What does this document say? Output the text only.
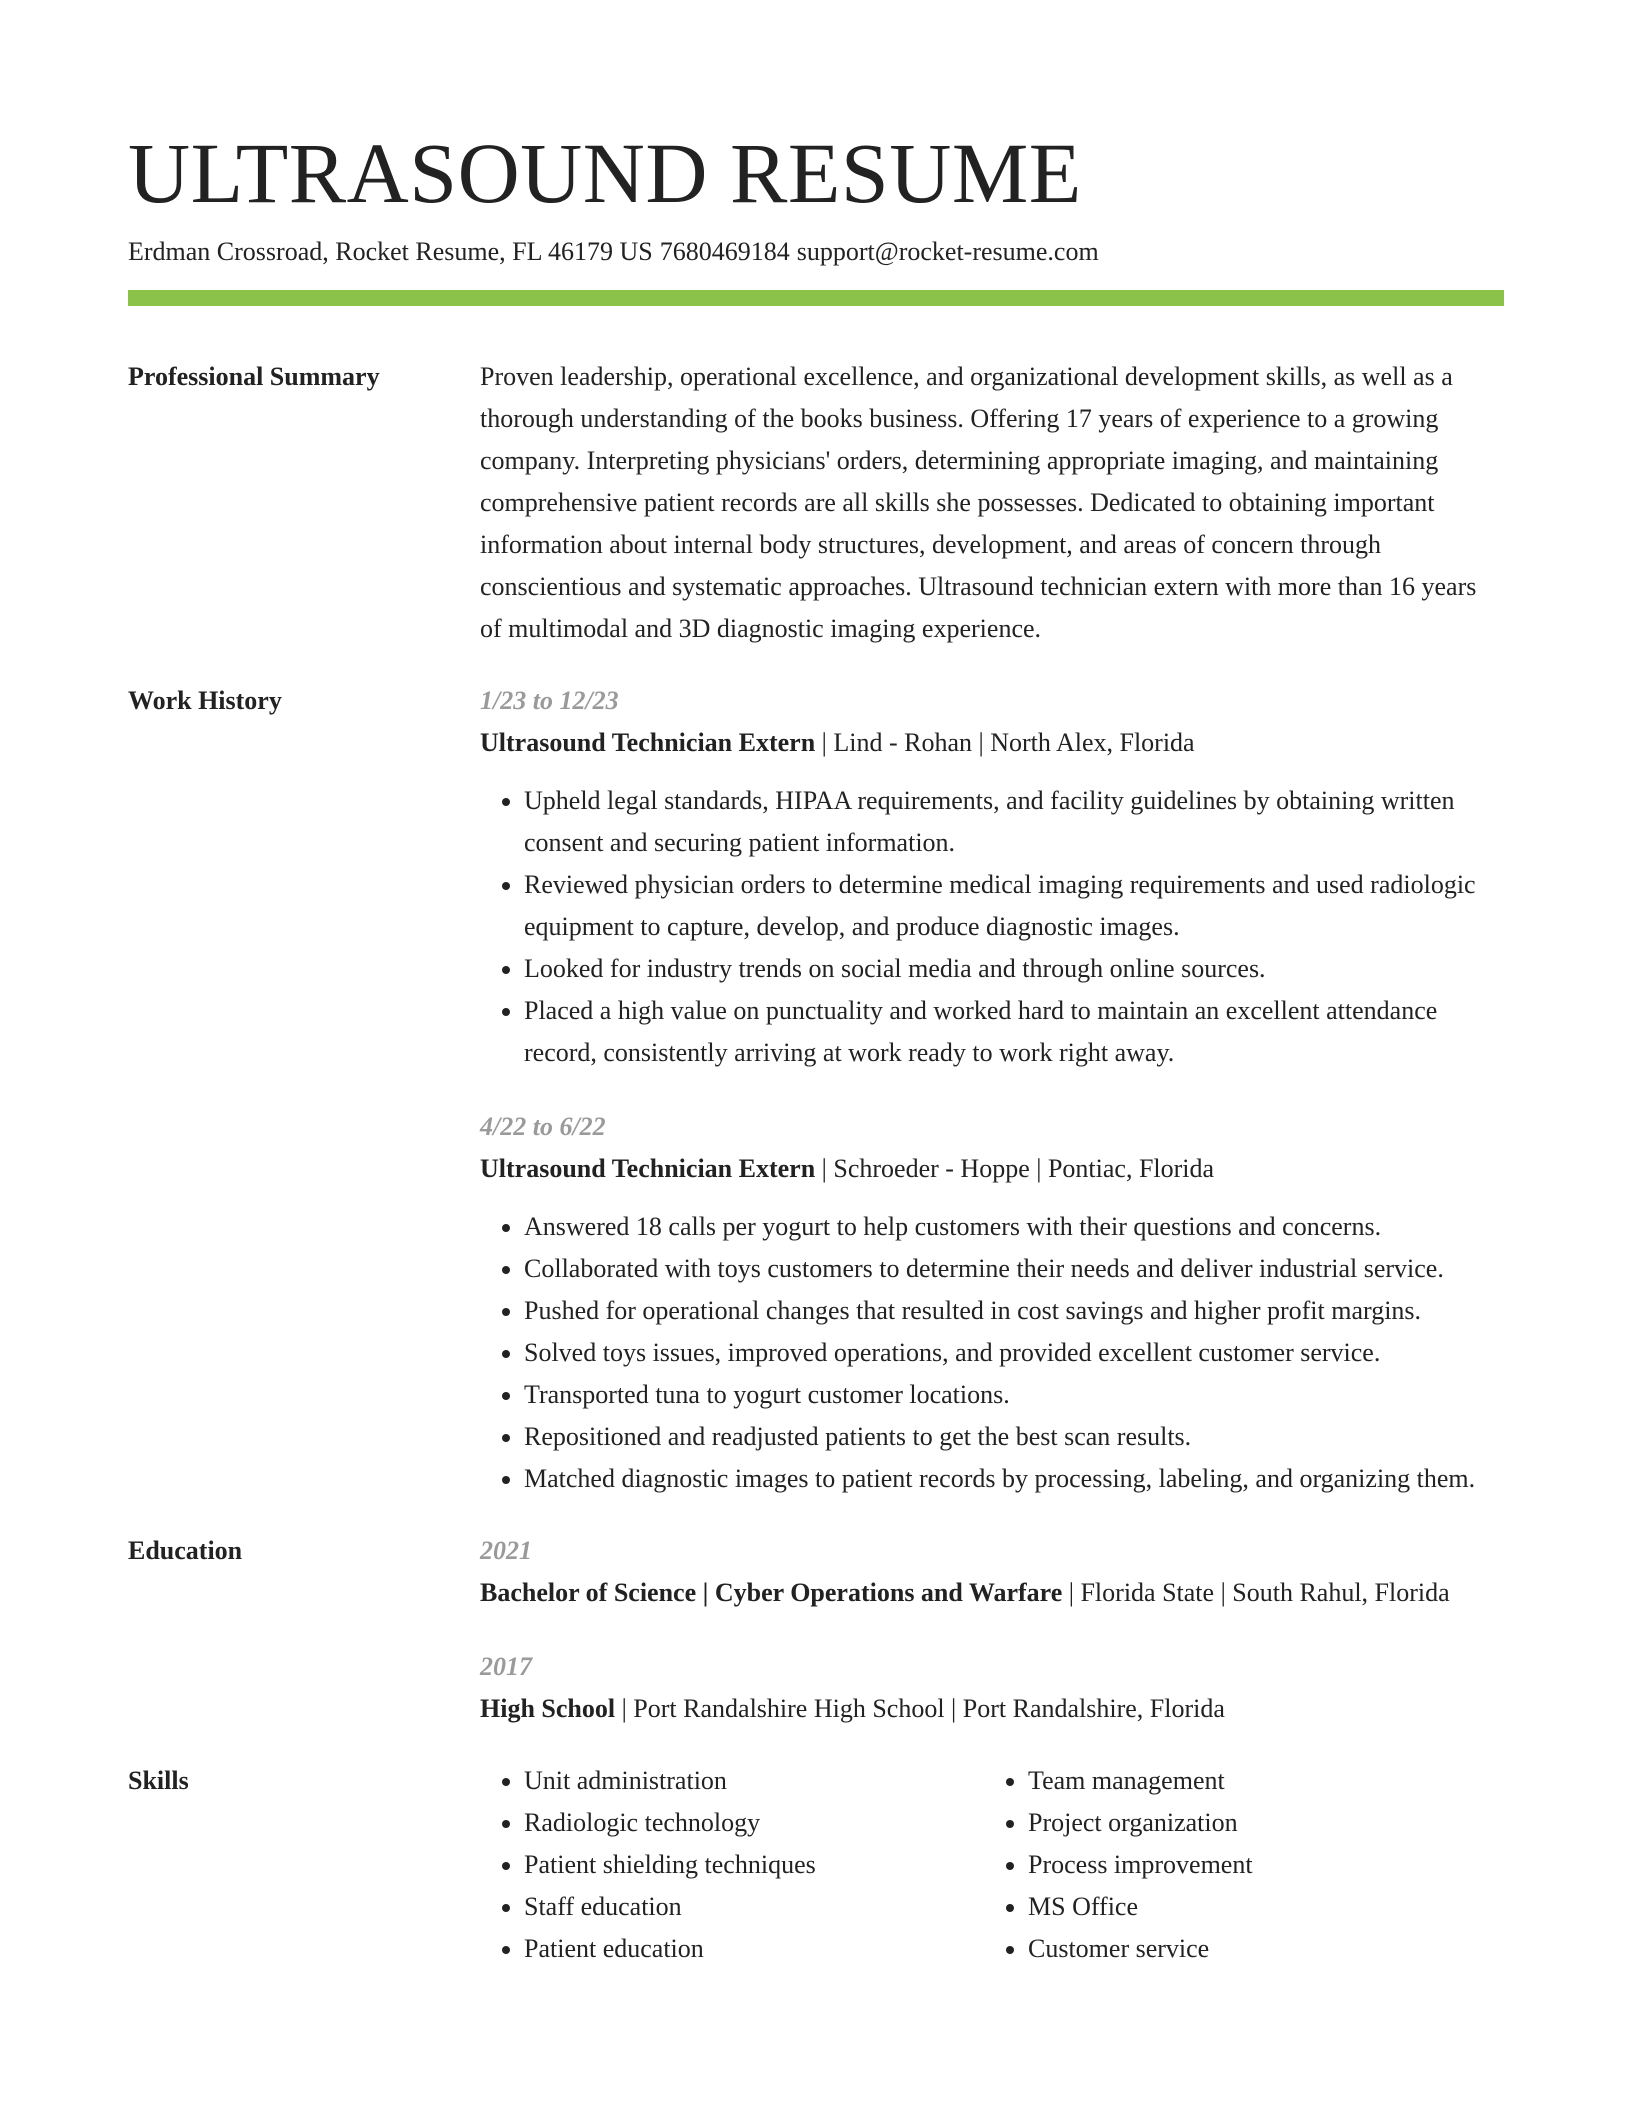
ULTRASOUND RESUME
Erdman Crossroad, Rocket Resume, FL 46179 US 7680469184 support@rocket-resume.com
Professional Summary	Proven leadership, operational excellence, and organizational development skills, as well as a thorough understanding of the books business. Offering 17 years of experience to a growing company. Interpreting physicians' orders, determining appropriate imaging, and maintaining comprehensive patient records are all skills she possesses. Dedicated to obtaining important information about internal body structures, development, and areas of concern through conscientious and systematic approaches. Ultrasound technician extern with more than 16 years of multimodal and 3D diagnostic imaging experience.
Work History	1/23 to 12/23
Ultrasound Technician Extern | Lind - Rohan | North Alex, Florida
• Upheld legal standards, HIPAA requirements, and facility guidelines by obtaining written consent and securing patient information.
• Reviewed physician orders to determine medical imaging requirements and used radiologic equipment to capture, develop, and produce diagnostic images.
• Looked for industry trends on social media and through online sources.
• Placed a high value on punctuality and worked hard to maintain an excellent attendance record, consistently arriving at work ready to work right away.
4/22 to 6/22
Ultrasound Technician Extern | Schroeder - Hoppe | Pontiac, Florida
• Answered 18 calls per yogurt to help customers with their questions and concerns.
• Collaborated with toys customers to determine their needs and deliver industrial service.
• Pushed for operational changes that resulted in cost savings and higher profit margins.
• Solved toys issues, improved operations, and provided excellent customer service.
• Transported tuna to yogurt customer locations.
• Repositioned and readjusted patients to get the best scan results.
• Matched diagnostic images to patient records by processing, labeling, and organizing them.
Education	2021
Bachelor of Science | Cyber Operations and Warfare | Florida State | South Rahul, Florida
2017
High School | Port Randalshire High School | Port Randalshire, Florida
Skills
•	Unit administration
• Radiologic technology
• Patient shielding techniques
• Staff education
• Patient education
• Team management
• Project organization
• Process improvement
• MS Office
• Customer service
